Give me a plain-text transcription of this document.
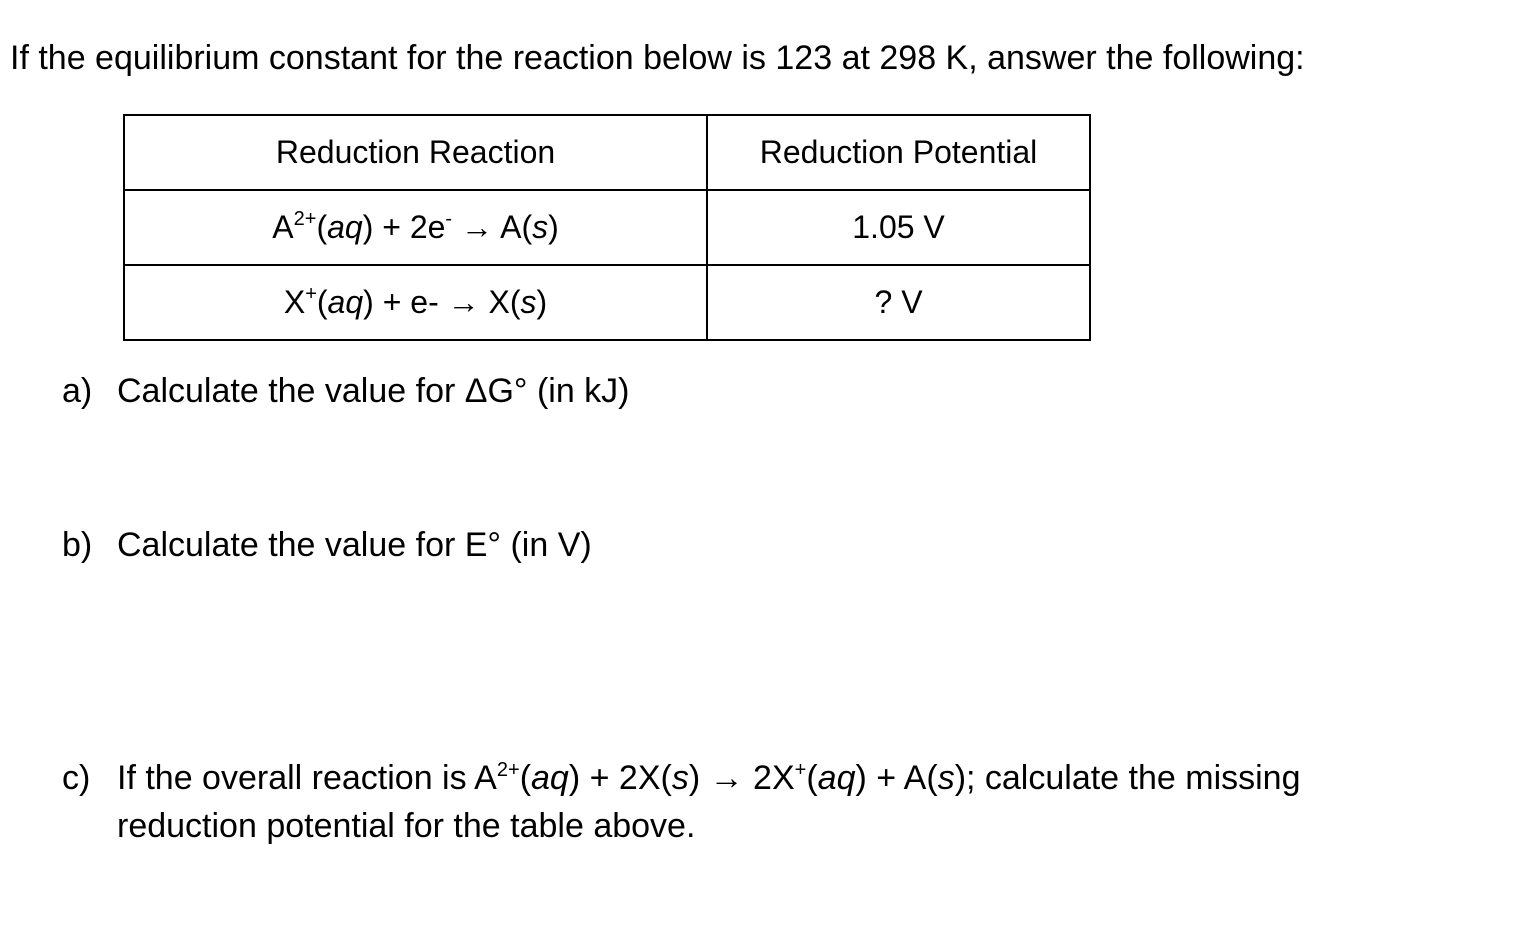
If the equilibrium constant for the reaction below is 123 at 298 K, answer the following:
Reduction Reaction	Reduction Potential
$A^{2+}(aq) + 2e^- \to A(s)$	1.05 V
X+(aq) + e- → X(s)	? V
a) Calculate the value for ΔG° (in kJ)
b) Calculate the value for E° (in V)
c) If the overall reaction is $A^{2+}(aq) + 2X(s) \to 2X^+(aq) + A(s)$; calculate the missing
reduction potential for the table above.
